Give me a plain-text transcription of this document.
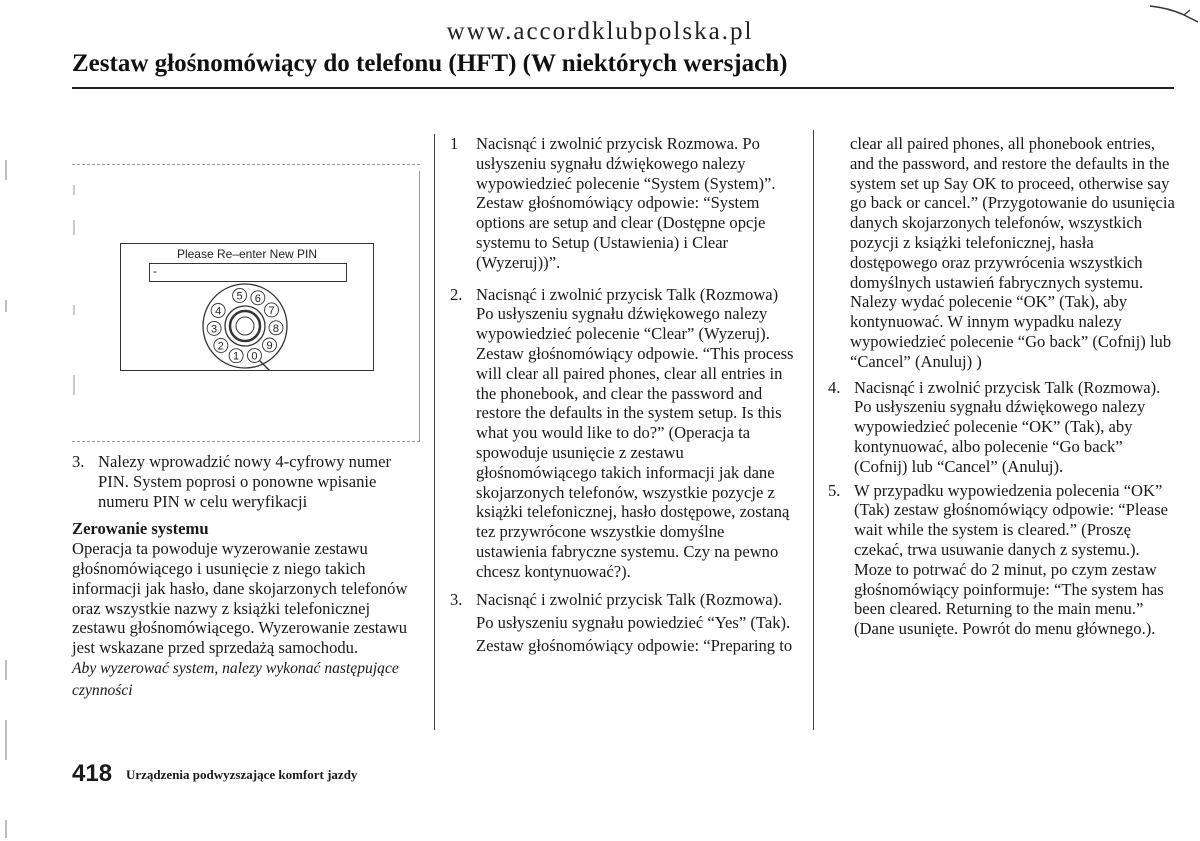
www.accordklubpolska.pl
Zestaw głośnomówiący do telefonu (HFT) (W niektórych wersjach)
Please Re–enter New PIN
-
5 6
7
8
9
0
1
2
3
4

3. Nalezy wprowadzić nowy 4-cyfrowy numer PIN. System poprosi o ponowne wpisanie numeru PIN w celu weryfikacji

Zerowanie systemu

Operacja ta powoduje wyzerowanie zestawu głośnomówiącego i usunięcie z niego takich informacji jak hasło, dane skojarzonych telefonów oraz wszystkie nazwy z książki telefonicznej zestawu głośnomówiącego. Wyzerowanie zestawu jest wskazane przed sprzedażą samochodu.

Aby wyzerować system, nalezy wykonać następujące czynności

1 Nacisnąć i zwolnić przycisk Rozmowa. Po usłyszeniu sygnału dźwiękowego nalezy wypowiedzieć polecenie “System (System)”. Zestaw głośnomówiący odpowie: “System options are setup and clear (Dostępne opcje systemu to Setup (Ustawienia) i Clear (Wyzeruj))”.

2. Nacisnąć i zwolnić przycisk Talk (Rozmowa) Po usłyszeniu sygnału dźwiękowego nalezy wypowiedzieć polecenie “Clear” (Wyzeruj). Zestaw głośnomówiący odpowie. “This process will clear all paired phones, clear all entries in the phonebook, and clear the password and restore the defaults in the system setup. Is this what you would like to do?” (Operacja ta spowoduje usunięcie z zestawu głośnomówiącego takich informacji jak dane skojarzonych telefonów, wszystkie pozycje z książki telefonicznej, hasło dostępowe, zostaną tez przywrócone wszystkie domyślne ustawienia fabryczne systemu. Czy na pewno chcesz kontynuować?).

3. Nacisnąć i zwolnić przycisk Talk (Rozmowa). Po usłyszeniu sygnału powiedzieć “Yes” (Tak). Zestaw głośnomówiący odpowie: “Preparing to

clear all paired phones, all phonebook entries, and the password, and restore the defaults in the system set up Say OK to proceed, otherwise say go back or cancel.” (Przygotowanie do usunięcia danych skojarzonych telefonów, wszystkich pozycji z książki telefonicznej, hasła dostępowego oraz przywrócenia wszystkich domyślnych ustawień fabrycznych systemu. Nalezy wydać polecenie “OK” (Tak), aby kontynuować. W innym wypadku nalezy wypowiedzieć polecenie “Go back” (Cofnij) lub “Cancel” (Anuluj) )

4. Nacisnąć i zwolnić przycisk Talk (Rozmowa). Po usłyszeniu sygnału dźwiękowego nalezy wypowiedzieć polecenie “OK” (Tak), aby kontynuować, albo polecenie “Go back” (Cofnij) lub “Cancel” (Anuluj).

5. W przypadku wypowiedzenia polecenia “OK” (Tak) zestaw głośnomówiący odpowie: “Please wait while the system is cleared.” (Proszę czekać, trwa usuwanie danych z systemu.). Moze to potrwać do 2 minut, po czym zestaw głośnomówiący poinformuje: “The system has been cleared. Returning to the main menu.” (Dane usunięte. Powrót do menu głównego.).

418 Urządzenia podwyzszające komfort jazdy
